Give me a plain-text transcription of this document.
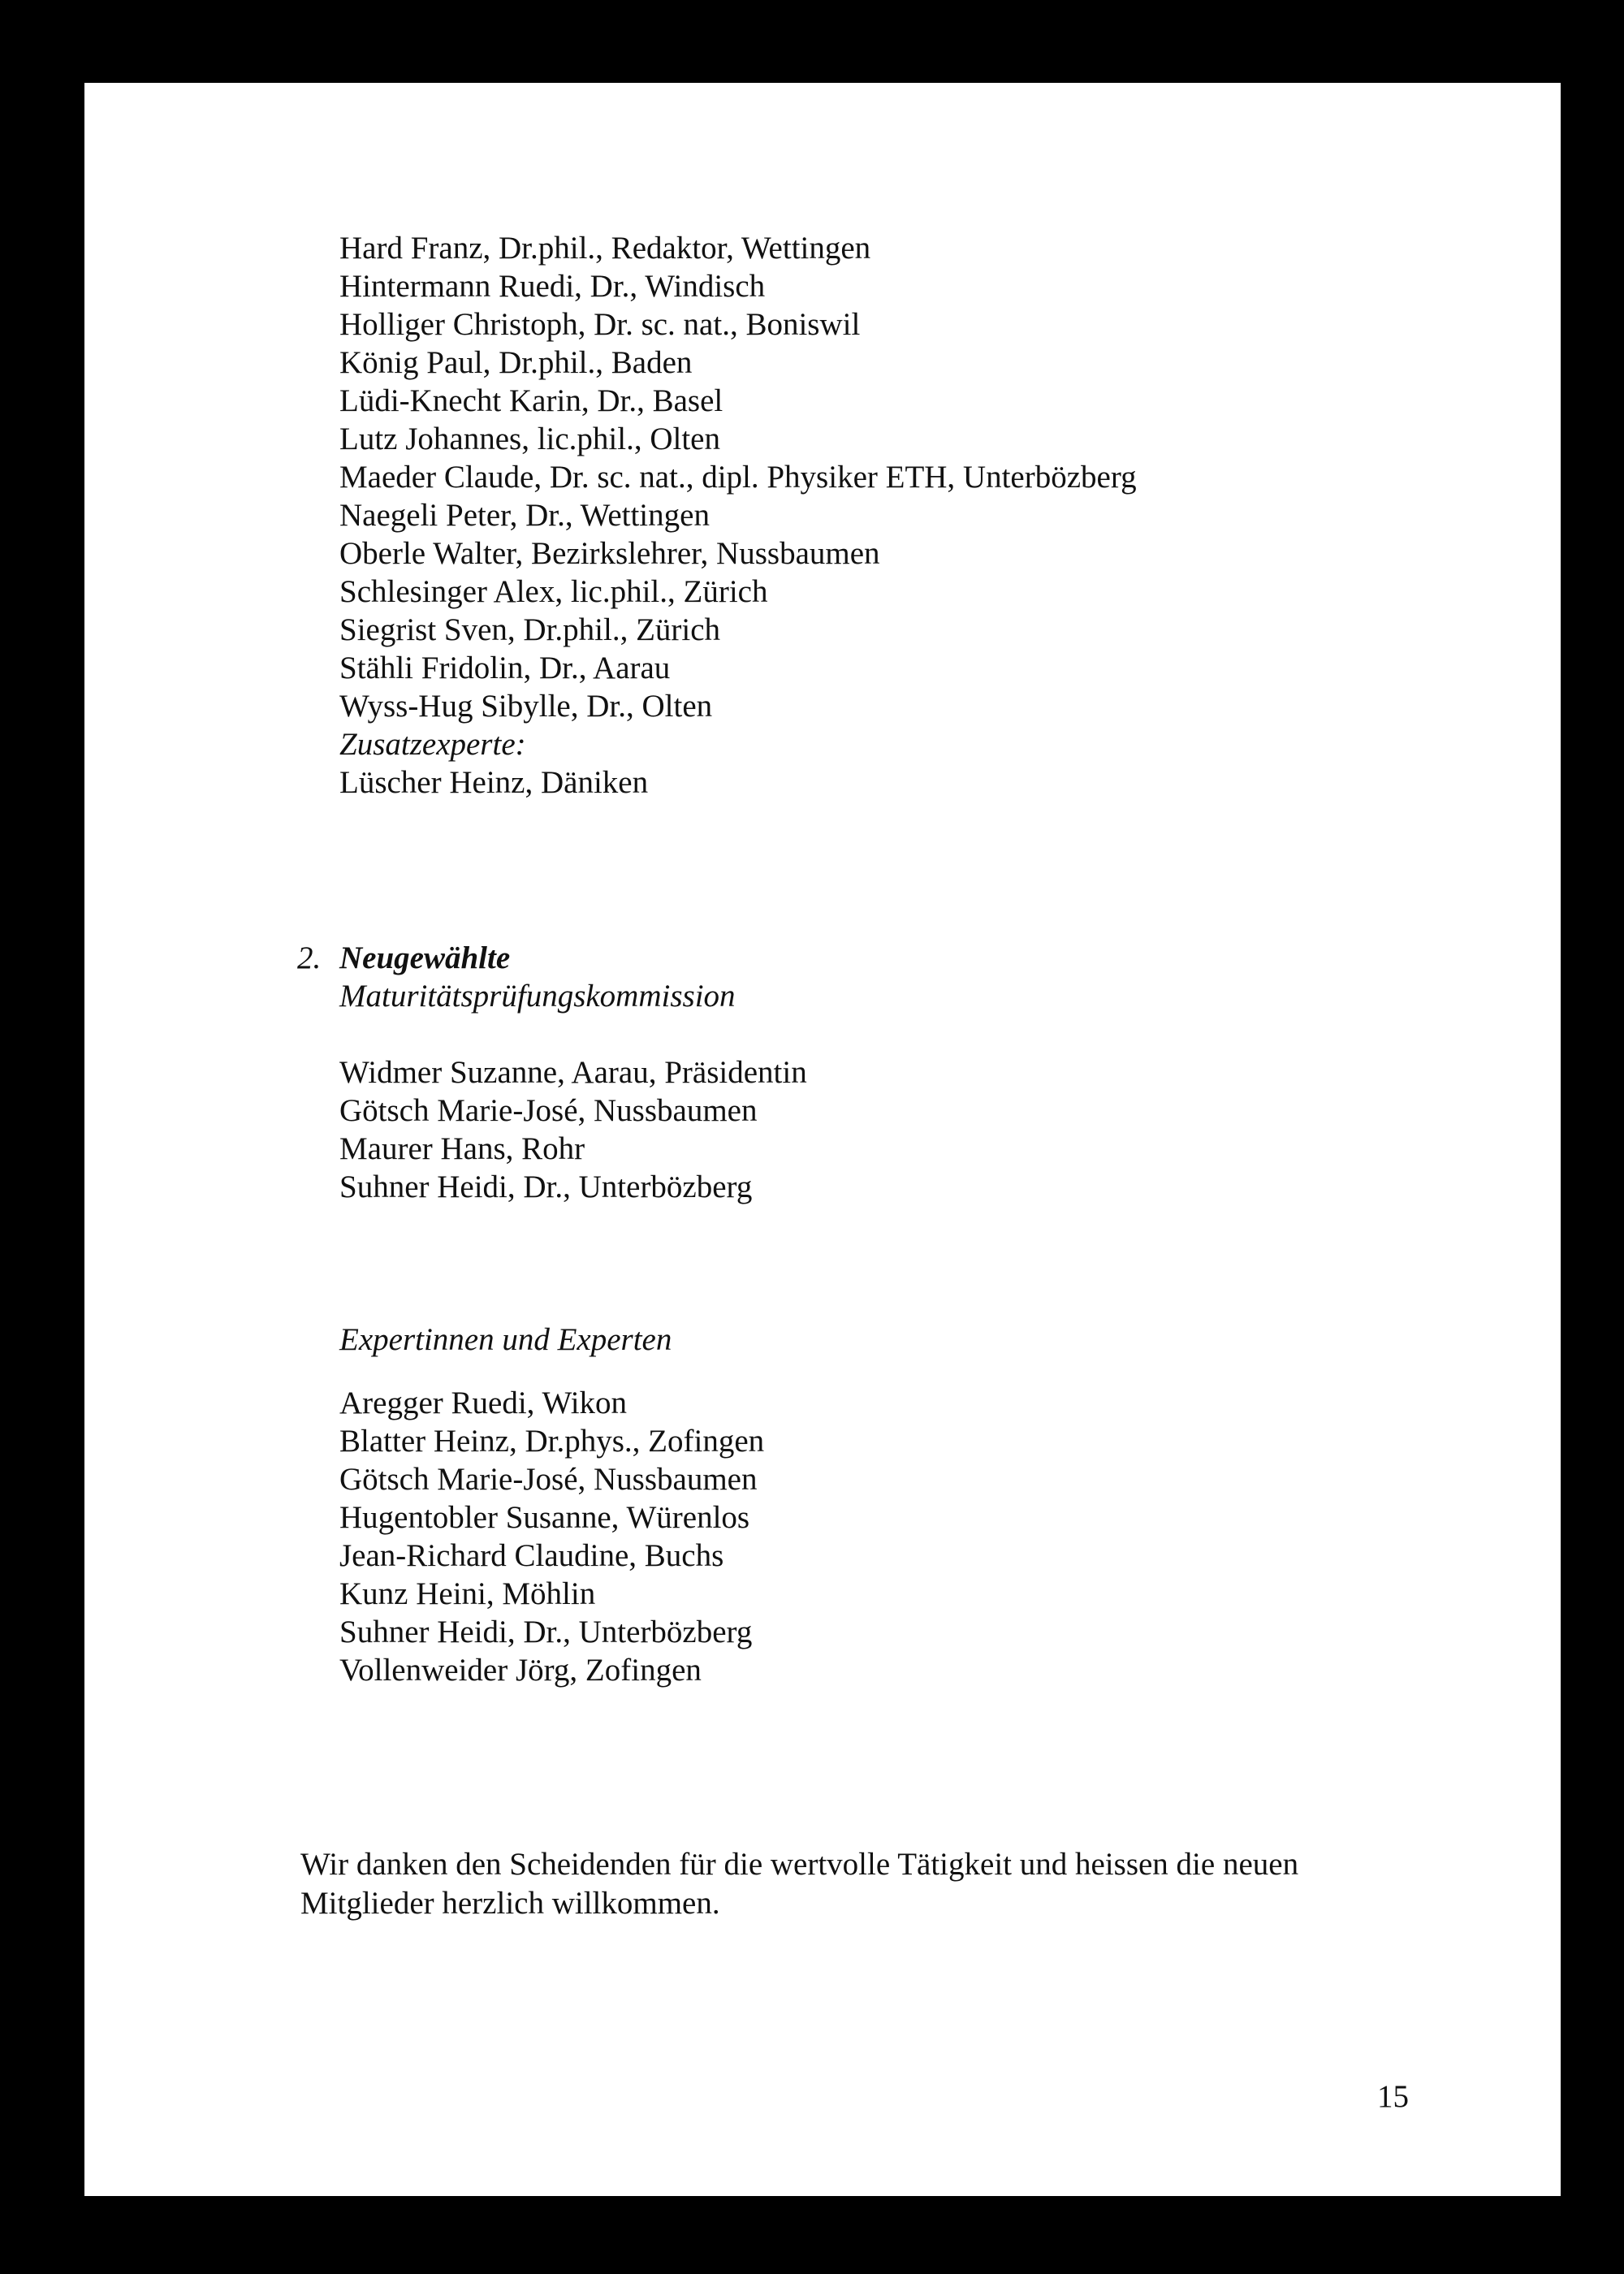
Hard Franz, Dr.phil., Redaktor, Wettingen
Hintermann Ruedi, Dr., Windisch
Holliger Christoph, Dr. sc. nat., Boniswil
König Paul, Dr.phil., Baden
Lüdi-Knecht Karin, Dr., Basel
Lutz Johannes, lic.phil., Olten
Maeder Claude, Dr. sc. nat., dipl. Physiker ETH, Unterbözberg
Naegeli Peter, Dr., Wettingen
Oberle Walter, Bezirkslehrer, Nussbaumen
Schlesinger Alex, lic.phil., Zürich
Siegrist Sven, Dr.phil., Zürich
Stähli Fridolin, Dr., Aarau
Wyss-Hug Sibylle, Dr., Olten
Zusatzexperte:
Lüscher Heinz, Däniken
2. Neugewählte
Maturitätsprüfungskommission
Widmer Suzanne, Aarau, Präsidentin
Götsch Marie-José, Nussbaumen
Maurer Hans, Rohr
Suhner Heidi, Dr., Unterbözberg
Expertinnen und Experten
Aregger Ruedi, Wikon
Blatter Heinz, Dr.phys., Zofingen
Götsch Marie-José, Nussbaumen
Hugentobler Susanne, Würenlos
Jean-Richard Claudine, Buchs
Kunz Heini, Möhlin
Suhner Heidi, Dr., Unterbözberg
Vollenweider Jörg, Zofingen
Wir danken den Scheidenden für die wertvolle Tätigkeit und heissen die neuen Mitglieder herzlich willkommen.
15
